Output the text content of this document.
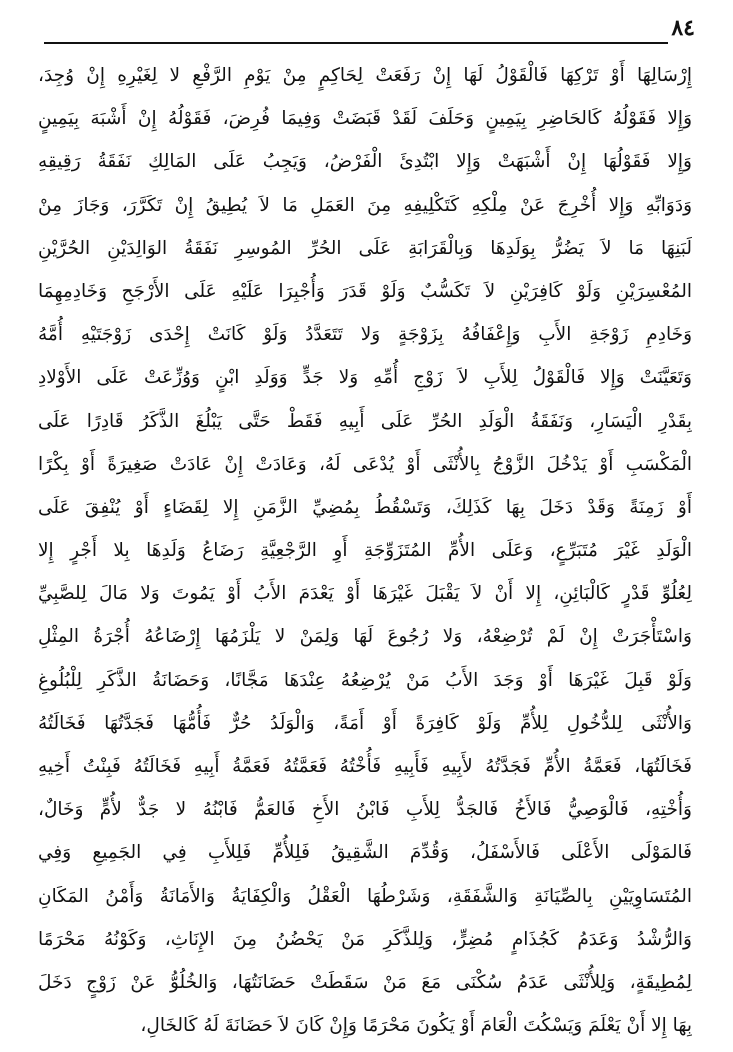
٨٤
إِرْسَالِهَا أَوْ تَرْكِهَا فَالْقَوْلُ لَهَا إِنْ رَفَعَتْ لِحَاكِمٍ مِنْ يَوْمِ الرَّفْعِ لا لِغَيْرِهِ إِنْ وُجِدَ،
وَإِلا فَقَوْلُهُ كَالحَاضِرِ بِيَمِينٍ وَحَلَفَ لَقَدْ قَبَضَتْ وَفِيمَا فُرِضَ، فَقَوْلُهُ إِنْ أَشْبَهَ بِيَمِينٍ
وَإِلا فَقَوْلُهَا إِنْ أَشْبَهَتْ وَإِلا ابْتُدِئَ الْفَرْضُ، وَيَجِبُ عَلَى المَالِكِ نَفَقَةُ رَقِيقِهِ
وَدَوَابِّهِ وَإِلا أُخْرِجَ عَنْ مِلْكِهِ كَتَكْلِيفِهِ مِنَ العَمَلِ مَا لاَ يُطِيقُ إِنْ تَكَرَّرَ، وَجَازَ مِنْ
لَبَنِهَا مَا لاَ يَضُرُّ بِوَلَدِهَا وَبِالْقَرَابَةِ عَلَى الحُرِّ المُوسِرِ نَفَقَةُ الوَالِدَيْنِ الحُرَّيْنِ
المُعْسِرَيْنِ وَلَوْ كَافِرَيْنِ لاَ تَكَسُّبٌ وَلَوْ قَدَرَ وَأُجْبِرَا عَلَيْهِ عَلَى الأَرْجَحِ وَخَادِمِهِمَا
وَخَادِمِ زَوْجَةِ الأَبِ وَإِعْفَافُهُ بِزَوْجَةٍ وَلا تَتَعَدَّدُ وَلَوْ كَانَتْ إِحْدَى زَوْجَتَيْهِ أُمَّهُ
وَتَعَيَّنَتْ وَإِلا فَالْقَوْلُ لِلأَبِ لاَ زَوْجِ أُمِّهِ وَلا جَدٍّ وَوَلَدِ ابْنٍ وَوُزِّعَتْ عَلَى الأَوْلادِ
بِقَدْرِ الْيَسَارِ، وَنَفَقَةُ الْوَلَدِ الحُرِّ عَلَى أَبِيهِ فَقَطْ حَتَّى يَبْلُغَ الذَّكَرُ قَادِرًا عَلَى
الْمَكْسَبِ أَوْ يَدْخُلَ الزَّوْجُ بِالأُنْثَى أَوْ يُدْعَى لَهُ، وَعَادَتْ إِنْ عَادَتْ صَغِيرَةً أَوْ بِكْرًا
أَوْ زَمِنَةً وَقَدْ دَخَلَ بِهَا كَذَلِكَ، وَتَسْقُطُ بِمُضِيِّ الزَّمَنِ إِلا لِقَضَاءٍ أَوْ يُنْفِقَ عَلَى
الْوَلَدِ غَيْرَ مُتَبَرِّعٍ، وَعَلَى الأُمِّ المُتَزَوِّجَةِ أَوِ الرَّجْعِيَّةِ رَضَاعُ وَلَدِهَا بِلا أَجْرٍ إِلا
لِعُلُوِّ قَدْرٍ كَالْبَائِنِ، إِلا أَنْ لاَ يَقْبَلَ غَيْرَهَا أَوْ يَعْدَمَ الأَبُ أَوْ يَمُوتَ وَلا مَالَ لِلصَّبِيِّ
وَاسْتَأْجَرَتْ إِنْ لَمْ تُرْضِعْهُ، وَلا رُجُوعَ لَهَا وَلِمَنْ لا يَلْزَمُهَا إِرْضَاعُهُ أُجْرَةُ المِثْلِ
وَلَوْ قَبِلَ غَيْرَهَا أَوْ وَجَدَ الأَبُ مَنْ يُرْضِعُهُ عِنْدَهَا مَجَّانًا، وَحَضَانَةُ الذَّكَرِ لِلْبُلُوغِ
وَالأُنْثَى لِلدُّخُولِ لِلأُمِّ وَلَوْ كَافِرَةً أَوْ أَمَةً، وَالْوَلَدُ حُرٌّ فَأُمُّهَا فَجَدَّتُهَا فَخَالَتُهُ
فَخَالَتُهَا، فَعَمَّةُ الأُمِّ فَجَدَّتُهُ لأَبِيهِ فَأَبِيهِ فَأُخْتُهُ فَعَمَّتُهُ فَعَمَّةُ أَبِيهِ فَخَالَتُهُ فَبِنْتُ أَخِيهِ
وَأُخْتِهِ، فَالْوَصِيُّ فَالأَخُ فَالجَدُّ لِلأَبِ فَابْنُ الأَخِ فَالعَمُّ فَابْنُهُ لا جَدٌّ لأُمٍّ وَخَالٌ،
فَالمَوْلَى الأَعْلَى فَالأَسْفَلُ، وَقُدِّمَ الشَّقِيقُ فَلِلأُمِّ فَلِلأَبِ فِي الجَمِيعِ وَفِي
المُتَسَاوِيَيْنِ بِالصِّيَانَةِ وَالشَّفَقَةِ، وَشَرْطُهَا الْعَقْلُ وَالْكِفَايَةُ وَالأَمَانَةُ وَأَمْنُ المَكَانِ
وَالرُّشْدُ وَعَدَمُ كَجُذَامٍ مُضِرٍّ، وَلِلذَّكَرِ مَنْ يَحْضُنُ مِنَ الإِنَاثِ، وَكَوْنُهُ مَحْرَمًا
لِمُطِيقَةٍ، وَلِلأُنْثَى عَدَمُ سُكْنَى مَعَ مَنْ سَقَطَتْ حَضَانَتُهَا، وَالخُلُوُّ عَنْ زَوْجٍ دَخَلَ
بِهَا إِلا أَنْ يَعْلَمَ وَيَسْكُتَ الْعَامَ أَوْ يَكُونَ مَحْرَمًا وَإِنْ كَانَ لاَ حَضَانَةَ لَهُ كَالخَالِ،
